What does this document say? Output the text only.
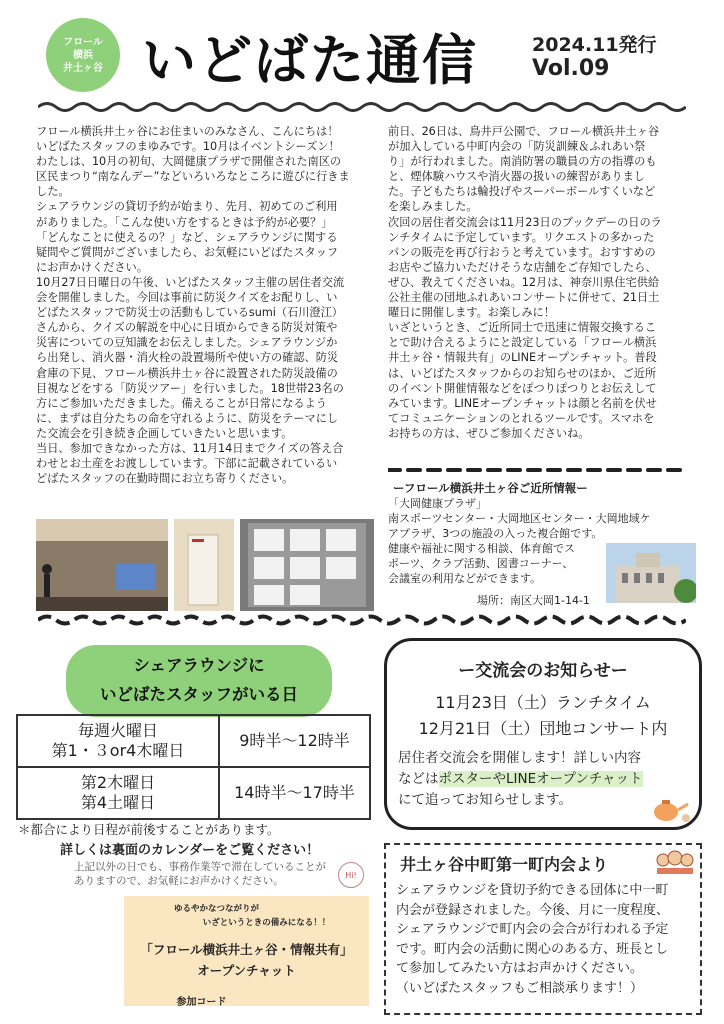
フロール
横浜
井土ヶ谷 いどばた通信	2024.11発行
Vol.09

フロール横浜井土ヶ谷にお住まいのみなさん、こんにちは！

いどばたスタッフのまゆみです。10月はイベントシーズン！

わたしは、10月の初旬、大岡健康プラザで開催された南区の

区民まつり“南なんデー”などいろいろなところに遊びに行きま

した。

シェアラウンジの貸切予約が始まり、先月、初めてのご利用

がありました。「こんな使い方をするときは予約が必要？」

「どんなことに使えるの？」など、シェアラウンジに関する

疑問やご質問がございましたら、お気軽にいどばたスタッフ

にお声かけください。

10月27日日曜日の午後、いどばたスタッフ主催の居住者交流

会を開催しました。今回は事前に防災クイズをお配りし、い

どばたスタッフで防災士の活動もしているsumi（石川澄江）

さんから、クイズの解説を中心に日頃からできる防災対策や

災害についての豆知識をお伝えしました。シェアラウンジか

ら出発し、消火器・消火栓の設置場所や使い方の確認、防災

倉庫の下見、フロール横浜井土ヶ谷に設置された防災設備の

目視などをする「防災ツアー」を行いました。18世帯23名の

方にご参加いただきました。備えることが日常になるよう

に、まずは自分たちの命を守れるように、防災をテーマにし

た交流会を引き続き企画していきたいと思います。

当日、参加できなかった方は、11月14日までクイズの答え合

わせとお土産をお渡ししています。下部に記載されているい

どばたスタッフの在勤時間にお立ち寄りください。

前日、26日は、鳥井戸公園で、フロール横浜井土ヶ谷

が加入している中町内会の「防災訓練＆ふれあい祭

り」が行われました。南消防署の職員の方の指導のも

と、煙体験ハウスや消火器の扱いの練習がありまし

た。子どもたちは輪投げやスーパーボールすくいなど

を楽しみました。

次回の居住者交流会は11月23日のブックデーの日のラ

ンチタイムに予定しています。リクエストの多かった

パンの販売を再び行おうと考えています。おすすめの

お店やご協力いただけそうな店舗をご存知でしたら、

ぜひ、教えてくださいね。12月は、神奈川県住宅供給

公社主催の団地ふれあいコンサートに併せて、21日土

曜日に開催します。お楽しみに！

いざというとき、ご近所同士で迅速に情報交換するこ

とで助け合えるようにと設定している「フロール横浜

井土ヶ谷・情報共有」のLINEオープンチャット。普段

は、いどばたスタッフからのお知らせのほか、ご近所

のイベント開催情報などをぽつりぽつりとお伝えして

みています。LINEオープンチャットは顔と名前を伏せ

てコミュニケーションのとれるツールです。スマホを

お持ちの方は、ぜひご参加くださいね。

ーフロール横浜井土ヶ谷ご近所情報ー

「大岡健康プラザ」

南スポーツセンター・大岡地区センター・大岡地域ケ

アプラザ、3つの施設の入った複合館です。

健康や福祉に関する相談、体育館でス

ポーツ、クラブ活動、図書コーナー、

会議室の利用などができます。

場所：南区大岡1-14-1
シェアラウンジに
いどばたスタッフがいる日
毎週火曜日
第1・３or4木曜日	9時半〜12時半

第2木曜日
第4土曜日	14時半〜17時半
＊都合により日程が前後することがあります。
詳しくは裏面のカレンダーをご覧ください！
上記以外の日でも、事務作業等で滞在していることが
ありますので、お気軽にお声かけください。	Hi!
ゆるやかなつながりが
いざというときの備みになる！！
「フロール横浜井土ヶ谷・情報共有」
オープンチャット
参加コード
ー交流会のお知らせー
11月23日（土）ランチタイム
12月21日（土）団地コンサート内
居住者交流会を開催します！詳しい内容
などはポスターやLINEオープンチャット
にて追ってお知らせします。
井土ヶ谷中町第一町内会より
シェアラウンジを貸切予約できる団体に中一町
内会が登録されました。今後、月に一度程度、
シェアラウンジで町内会の会合が行われる予定
です。町内会の活動に関心のある方、班長とし
て参加してみたい方はお声かけください。
（いどばたスタッフもご相談承ります！）
